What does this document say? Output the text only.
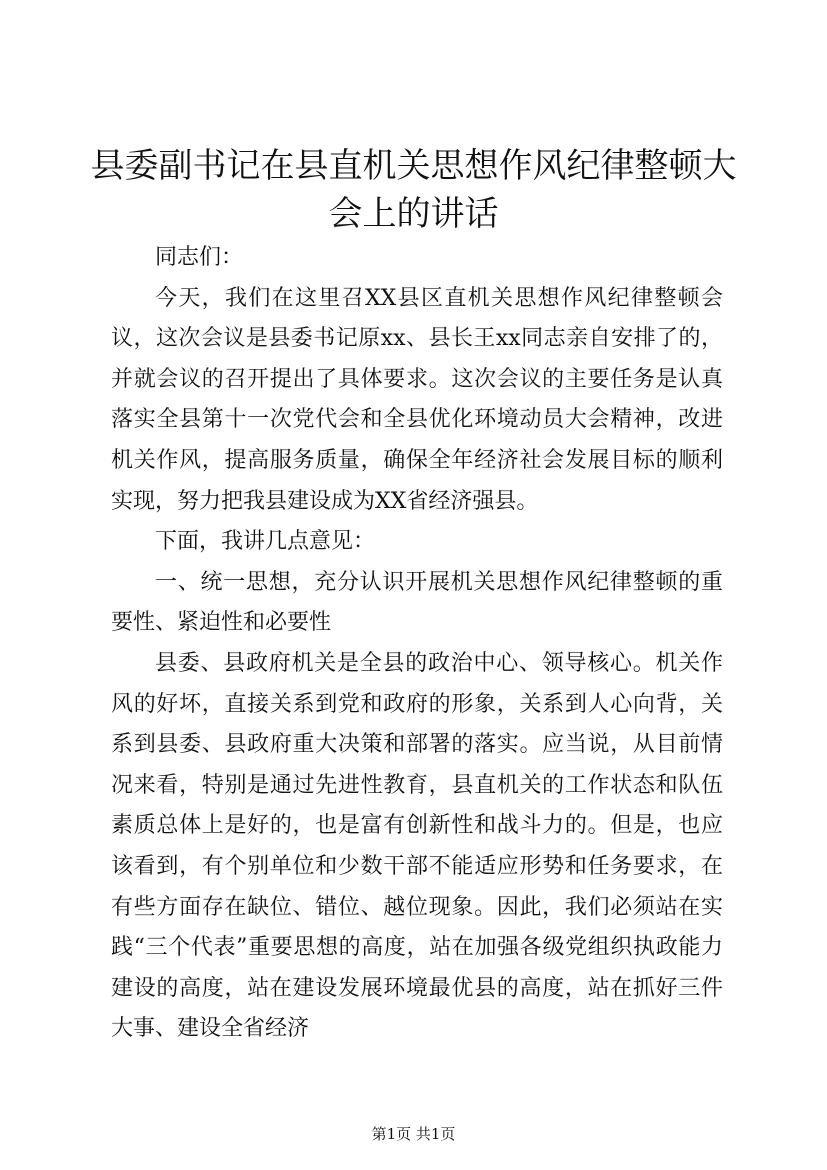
县委副书记在县直机关思想作风纪律整顿大会上的讲话

同志们：

今天，我们在这里召XX县区直机关思想作风纪律整顿会议，这次会议是县委书记原xx、县长王xx同志亲自安排了的，并就会议的召开提出了具体要求。这次会议的主要任务是认真落实全县第十一次党代会和全县优化环境动员大会精神，改进机关作风，提高服务质量，确保全年经济社会发展目标的顺利实现，努力把我县建设成为XX省经济强县。

下面，我讲几点意见：

一、统一思想，充分认识开展机关思想作风纪律整顿的重要性、紧迫性和必要性

县委、县政府机关是全县的政治中心、领导核心。机关作风的好坏，直接关系到党和政府的形象，关系到人心向背，关系到县委、县政府重大决策和部署的落实。应当说，从目前情况来看，特别是通过先进性教育，县直机关的工作状态和队伍素质总体上是好的，也是富有创新性和战斗力的。但是，也应该看到，有个别单位和少数干部不能适应形势和任务要求，在有些方面存在缺位、错位、越位现象。因此，我们必须站在实践“三个代表”重要思想的高度，站在加强各级党组织执政能力建设的高度，站在建设发展环境最优县的高度，站在抓好三件大事、建设全省经济

第1页 共1页
